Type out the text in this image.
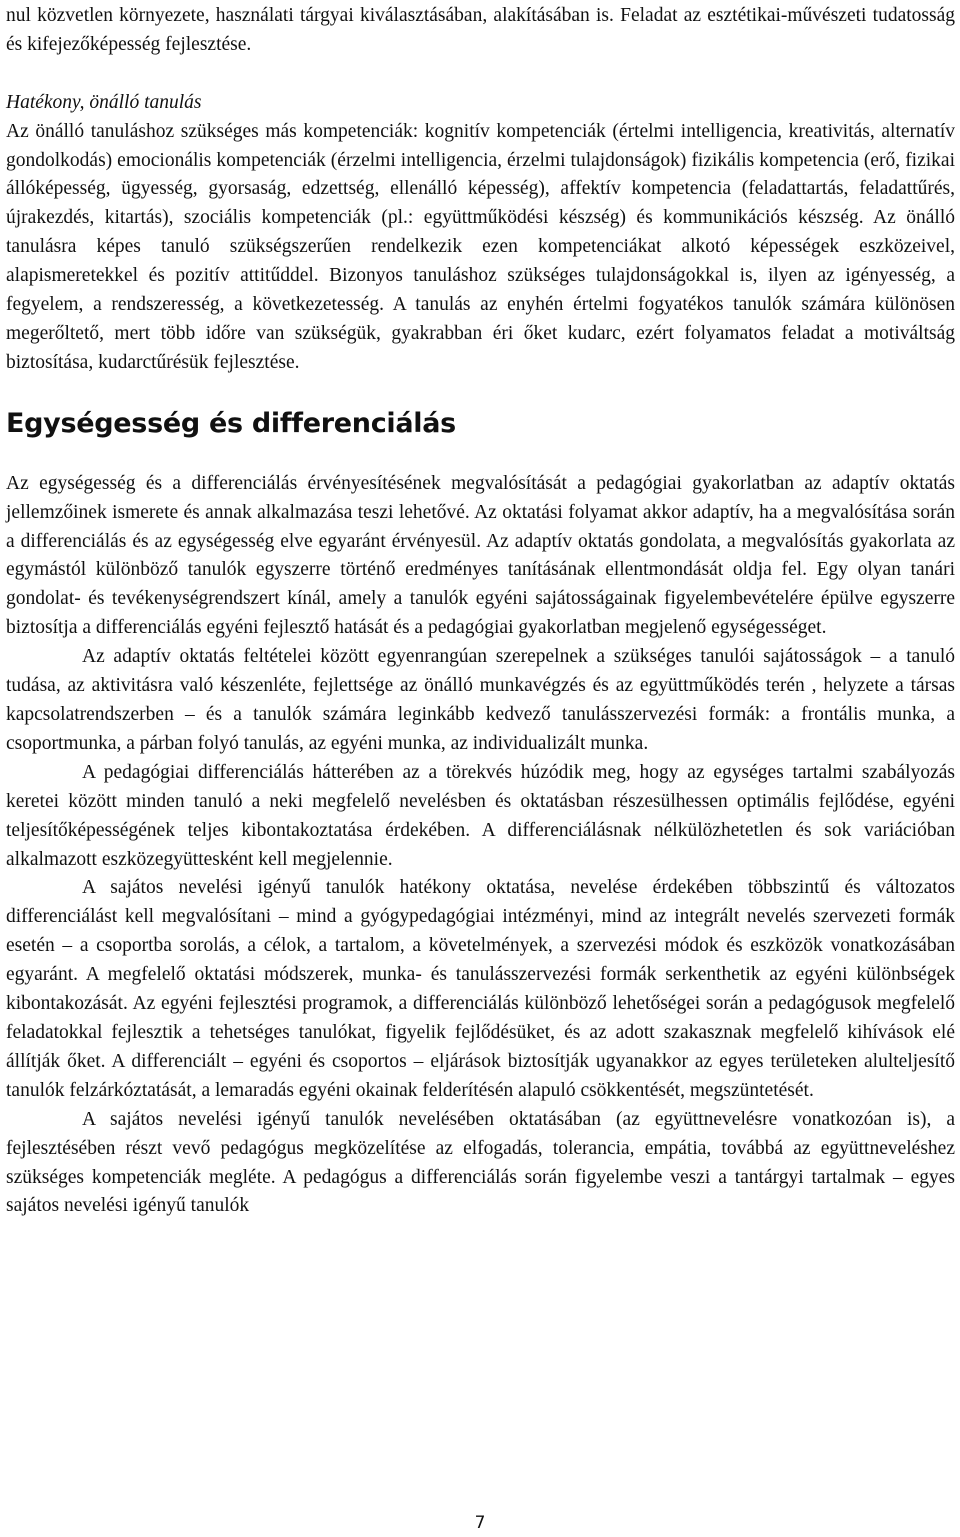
nul közvetlen környezete, használati tárgyai kiválasztásában, alakításában is. Feladat az esztétikai-művészeti tudatosság és kifejezőképesség fejlesztése.

Hatékony, önálló tanulás

Az önálló tanuláshoz szükséges más kompetenciák: kognitív kompetenciák (értelmi intelligencia, kreativitás, alternatív gondolkodás) emocionális kompetenciák (érzelmi intelligencia, érzelmi tulajdonságok) fizikális kompetencia (erő, fizikai állóképesség, ügyesség, gyorsaság, edzettség, ellenálló képesség), affektív kompetencia (feladattartás, feladattűrés, újrakezdés, kitartás), szociális kompetenciák (pl.: együttműködési készség) és kommunikációs készség. Az önálló tanulásra képes tanuló szükségszerűen rendelkezik ezen kompetenciákat alkotó képességek eszközeivel, alapismeretekkel és pozitív attitűddel. Bizonyos tanuláshoz szükséges tulajdonságokkal is, ilyen az igényesség, a fegyelem, a rendszeresség, a következetesség. A tanulás az enyhén értelmi fogyatékos tanulók számára különösen megerőltető, mert több időre van szükségük, gyakrabban éri őket kudarc, ezért folyamatos feladat a motiváltság biztosítása, kudarctűrésük fejlesztése.

Egységesség és differenciálás

Az egységesség és a differenciálás érvényesítésének megvalósítását a pedagógiai gyakorlatban az adaptív oktatás jellemzőinek ismerete és annak alkalmazása teszi lehetővé. Az oktatási folyamat akkor adaptív, ha a megvalósítása során a differenciálás és az egységesség elve egyaránt érvényesül. Az adaptív oktatás gondolata, a megvalósítás gyakorlata az egymástól különböző tanulók egyszerre történő eredményes tanításának ellentmondását oldja fel. Egy olyan tanári gondolat- és tevékenységrendszert kínál, amely a tanulók egyéni sajátosságainak figyelembevételére épülve egyszerre biztosítja a differenciálás egyéni fejlesztő hatását és a pedagógiai gyakorlatban megjelenő egységességet.

Az adaptív oktatás feltételei között egyenrangúan szerepelnek a szükséges tanulói sajátosságok – a tanuló tudása, az aktivitásra való készenléte, fejlettsége az önálló munkavégzés és az együttműködés terén , helyzete a társas kapcsolatrendszerben – és a tanulók számára leginkább kedvező tanulásszervezési formák: a frontális munka, a csoportmunka, a párban folyó tanulás, az egyéni munka, az individualizált munka.

A pedagógiai differenciálás hátterében az a törekvés húzódik meg, hogy az egységes tartalmi szabályozás keretei között minden tanuló a neki megfelelő nevelésben és oktatásban részesülhessen optimális fejlődése, egyéni teljesítőképességének teljes kibontakoztatása érdekében. A differenciálásnak nélkülözhetetlen és sok variációban alkalmazott eszközegyüttesként kell megjelennie.

A sajátos nevelési igényű tanulók hatékony oktatása, nevelése érdekében többszintű és változatos differenciálást kell megvalósítani – mind a gyógypedagógiai intézményi, mind az integrált nevelés szervezeti formák esetén – a csoportba sorolás, a célok, a tartalom, a követelmények, a szervezési módok és eszközök vonatkozásában egyaránt. A megfelelő oktatási módszerek, munka- és tanulásszervezési formák serkenthetik az egyéni különbségek kibontakozását. Az egyéni fejlesztési programok, a differenciálás különböző lehetőségei során a pedagógusok megfelelő feladatokkal fejlesztik a tehetséges tanulókat, figyelik fejlődésüket, és az adott szakasznak megfelelő kihívások elé állítják őket. A differenciált – egyéni és csoportos – eljárások biztosítják ugyanakkor az egyes területeken alulteljesítő tanulók felzárkóztatását, a lemaradás egyéni okainak felderítésén alapuló csökkentését, megszüntetését.

A sajátos nevelési igényű tanulók nevelésében oktatásában (az együttnevelésre vonatkozóan is), a fejlesztésében részt vevő pedagógus megközelítése az elfogadás, tolerancia, empátia, továbbá az együttneveléshez szükséges kompetenciák megléte. A pedagógus a differenciálás során figyelembe veszi a tantárgyi tartalmak – egyes sajátos nevelési igényű tanulók

7
